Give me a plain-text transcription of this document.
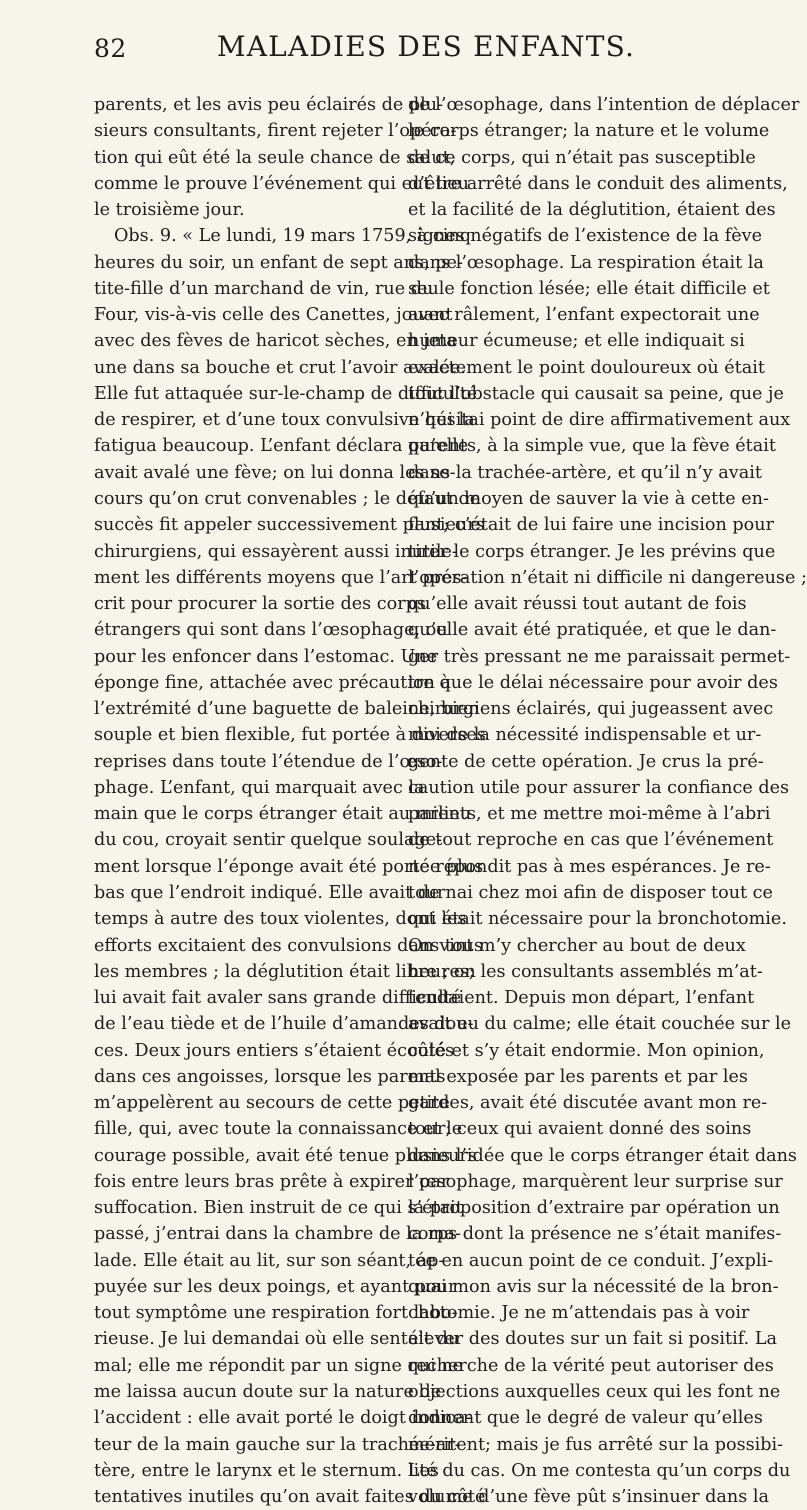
82	MALADIES DES ENFANTS.
parents, et les avis peu éclairés de plu-
sieurs consultants, firent rejeter l’opéra-
tion qui eût été la seule chance de salut,
comme le prouve l’événement qui eut lieu
le troisième jour.
Obs. 9. « Le lundi, 19 mars 1759, à cinq
heures du soir, un enfant de sept ans, pe-
tite-fille d’un marchand de vin, rue du
Four, vis-à-vis celle des Canettes, jouant
avec des fèves de haricot sèches, en jeta
une dans sa bouche et crut l’avoir avalée.
Elle fut attaquée sur-le-champ de difficulté
de respirer, et d’une toux convulsive qui la
fatigua beaucoup. L’enfant déclara qu’elle
avait avalé une fève; on lui donna les se-
cours qu’on crut convenables ; le défaut de
succès fit appeler successivement plusieurs
chirurgiens, qui essayèrent aussi inutile-
ment les différents moyens que l’art pres-
crit pour procurer la sortie des corps
étrangers qui sont dans l’œsophage, ou
pour les enfoncer dans l’estomac. Une
éponge fine, attachée avec précaution à
l’extrémité d’une baguette de baleine, bien
souple et bien flexible, fut portée à diverses
reprises dans toute l’étendue de l’œso-
phage. L’enfant, qui marquait avec la
main que le corps étranger était au milieu
du cou, croyait sentir quelque soulage-
ment lorsque l’éponge avait été portée plus
bas que l’endroit indiqué. Elle avait de
temps à autre des toux violentes, dont les
efforts excitaient des convulsions dans tous
les membres ; la déglutition était libre ; on
lui avait fait avaler sans grande difficulté
de l’eau tiède et de l’huile d’amandes dou-
ces. Deux jours entiers s’étaient écoulés
dans ces angoisses, lorsque les parents
m’appelèrent au secours de cette petite
fille, qui, avec toute la connaissance et le
courage possible, avait été tenue plusieurs
fois entre leurs bras prête à expirer par
suffocation. Bien instruit de ce qui s’était
passé, j’entrai dans la chambre de la ma-
lade. Elle était au lit, sur son séant, ap-
puyée sur les deux poings, et ayant pour
tout symptôme une respiration fort labo-
rieuse. Je lui demandai où elle sentait du
mal; elle me répondit par un signe qui ne
me laissa aucun doute sur la nature de
l’accident : elle avait porté le doigt indica-
teur de la main gauche sur la trachée-ar-
tère, entre le larynx et le sternum. Les
tentatives inutiles qu’on avait faites du côté
de l’œsophage, dans l’intention de déplacer
le corps étranger; la nature et le volume
de ce corps, qui n’était pas susceptible
d’être arrêté dans le conduit des aliments,
et la facilité de la déglutition, étaient des
signes négatifs de l’existence de la fève
dans l’œsophage. La respiration était la
seule fonction lésée; elle était difficile et
avec râlement, l’enfant expectorait une
humeur écumeuse; et elle indiquait si
exactement le point douloureux où était
tout l’obstacle qui causait sa peine, que je
n’hésitai point de dire affirmativement aux
parents, à la simple vue, que la fève était
dans la trachée-artère, et qu’il n’y avait
qu’un moyen de sauver la vie à cette en-
fant; c’était de lui faire une incision pour
tirer le corps étranger. Je les prévins que
l’opération n’était ni difficile ni dangereuse ;
qu’elle avait réussi tout autant de fois
qu’elle avait été pratiquée, et que le dan-
ger très pressant ne me paraissait permet-
tre que le délai nécessaire pour avoir des
chirurgiens éclairés, qui jugeassent avec
moi de la nécessité indispensable et ur-
gente de cette opération. Je crus la pré-
caution utile pour assurer la confiance des
parents, et me mettre moi-même à l’abri
de tout reproche en cas que l’événement
ne répondit pas à mes espérances. Je re-
tournai chez moi afin de disposer tout ce
qui était nécessaire pour la bronchotomie.
On vint m’y chercher au bout de deux
heures; les consultants assemblés m’at-
tendaient. Depuis mon départ, l’enfant
avait eu du calme; elle était couchée sur le
côté et s’y était endormie. Mon opinion,
mal exposée par les parents et par les
gardes, avait été discutée avant mon re-
tour; ceux qui avaient donné des soins
dans l’idée que le corps étranger était dans
l’œsophage, marquèrent leur surprise sur
la proposition d’extraire par opération un
corps dont la présence ne s’était manifes-
tée en aucun point de ce conduit. J’expli-
quai mon avis sur la nécessité de la bron-
chotomie. Je ne m’attendais pas à voir
élever des doutes sur un fait si positif. La
recherche de la vérité peut autoriser des
objections auxquelles ceux qui les font ne
donnent que le degré de valeur qu’elles
méritent; mais je fus arrêté sur la possibi-
lité du cas. On me contesta qu’un corps du
volume d’une fève pût s’insinuer dans la
